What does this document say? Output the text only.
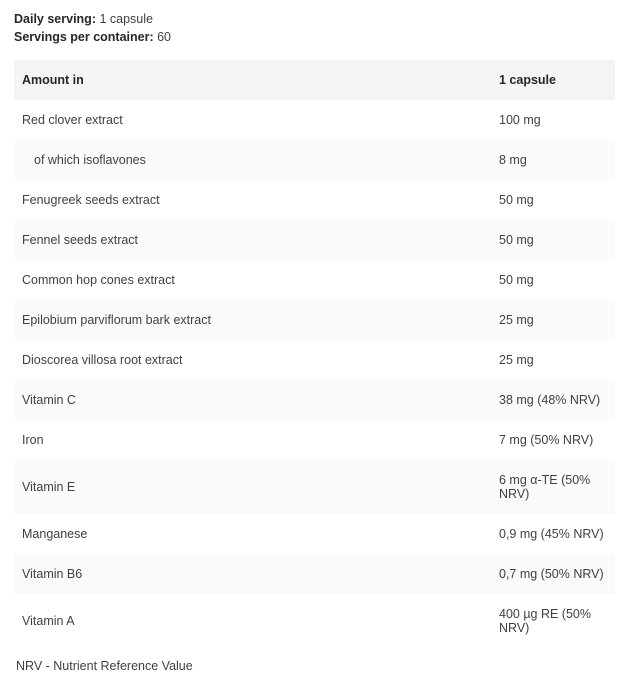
Daily serving: 1 capsule
Servings per container: 60
Amount in	1 capsule
Red clover extract	100 mg
of which isoflavones	8 mg
Fenugreek seeds extract	50 mg
Fennel seeds extract	50 mg
Common hop cones extract	50 mg
Epilobium parviflorum bark extract	25 mg
Dioscorea villosa root extract	25 mg
Vitamin C	38 mg (48% NRV)
Iron	7 mg (50% NRV)
Vitamin E	6 mg α-TE (50% NRV)
Manganese	0,9 mg (45% NRV)
Vitamin B6	0,7 mg (50% NRV)
Vitamin A	400 µg RE (50% NRV)
NRV - Nutrient Reference Value
